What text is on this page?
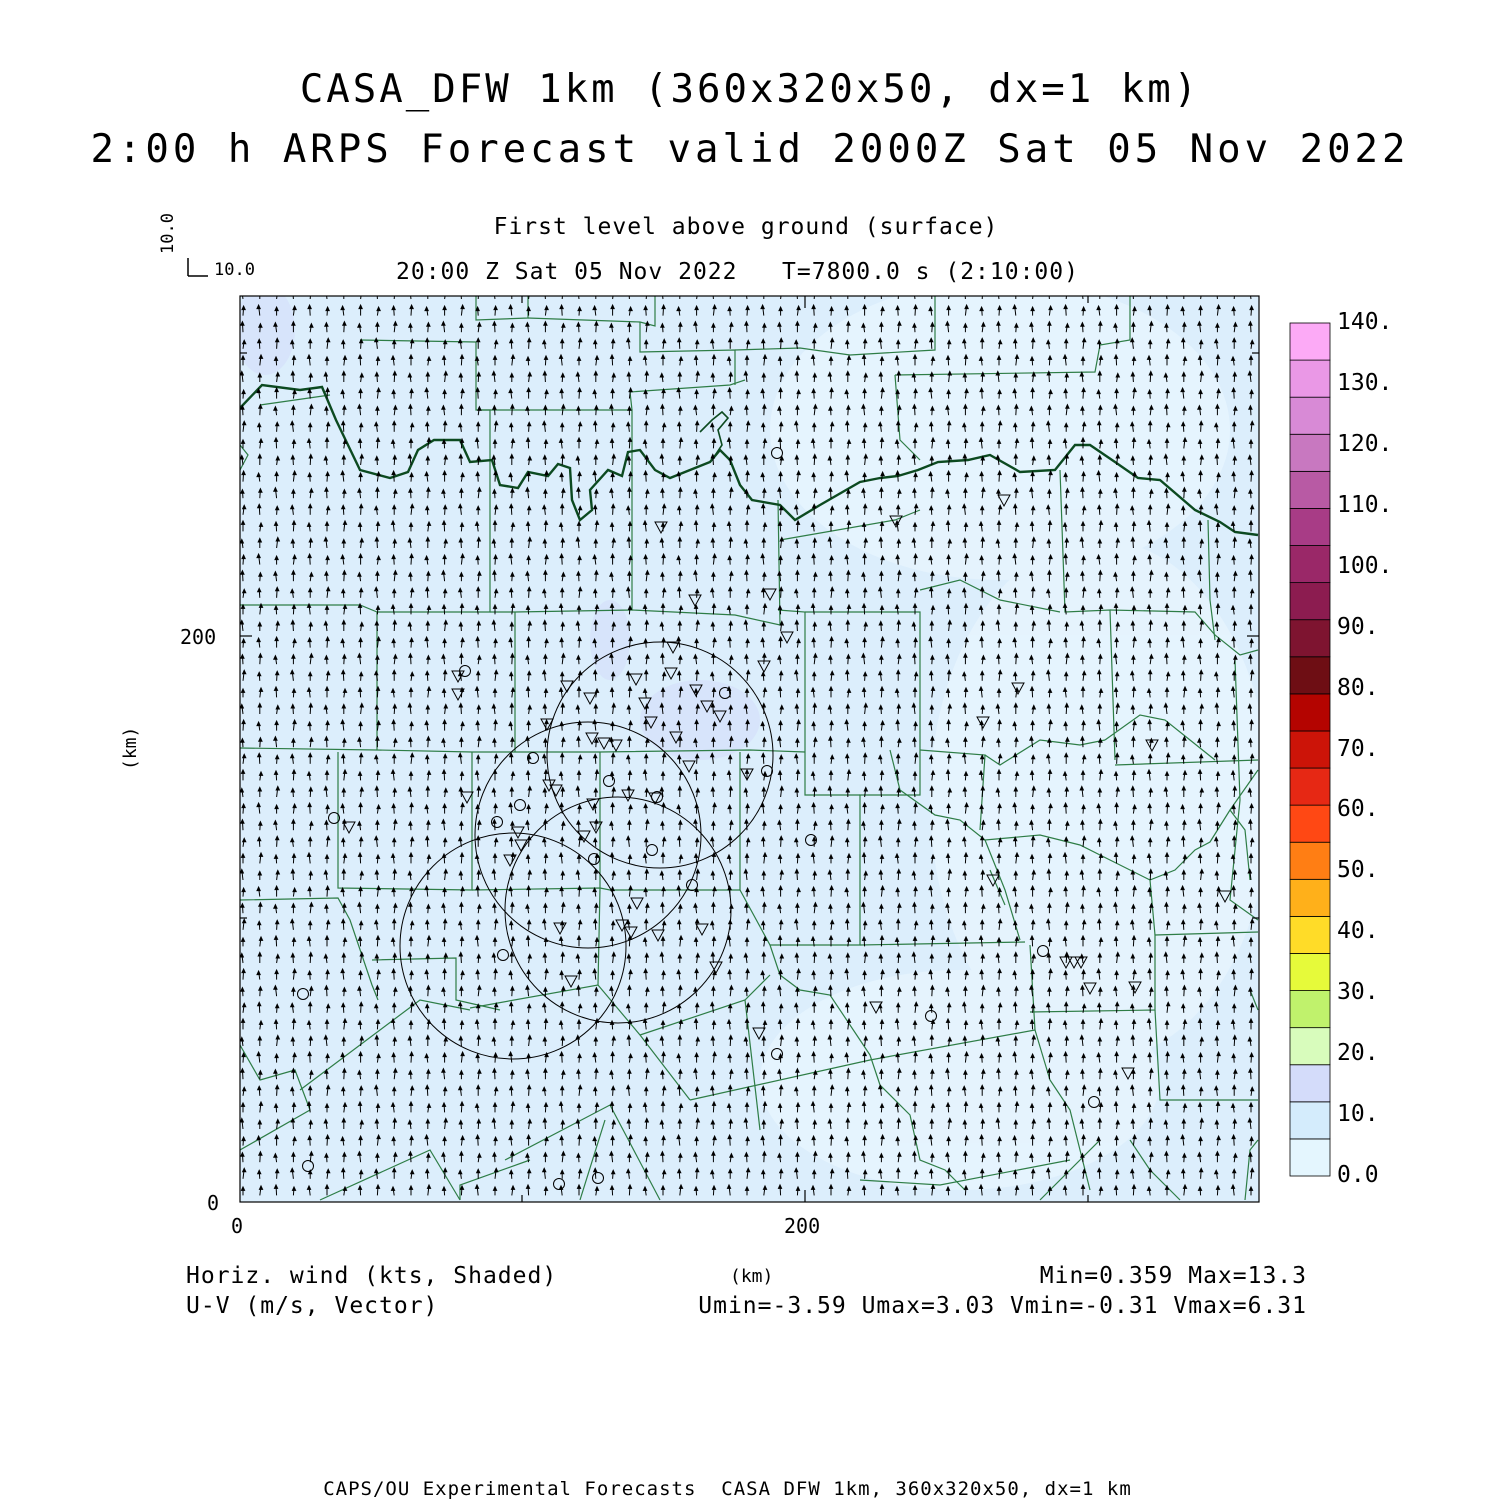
CASA_DFW 1km (360x320x50, dx=1 km)
2:00 h ARPS Forecast valid 2000Z Sat 05 Nov 2022
First level above ground (surface)
20:00 Z Sat 05 Nov 2022   T=7800.0 s (2:10:00)
10.0
10.0
200
0
0	200
(km)
(km)
Horiz. wind (kts, Shaded)
U-V (m/s, Vector)
Min=0.359 Max=13.3
Umin=-3.59 Umax=3.03 Vmin=-0.31 Vmax=6.31
CAPS/OU Experimental Forecasts  CASA DFW 1km, 360x320x50, dx=1 km
0.0
10.
20.
30.
40.
50.
60.
70.
80.
90.
100.
110.
120.
130.
140.
